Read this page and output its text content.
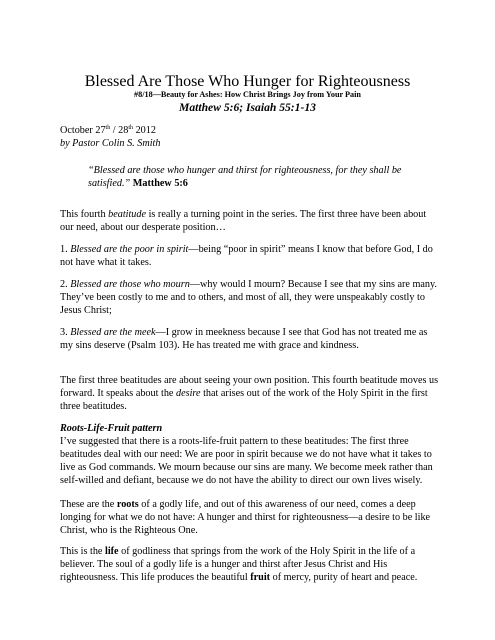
Blessed Are Those Who Hunger for Righteousness
#8/18—Beauty for Ashes: How Christ Brings Joy from Your Pain
Matthew 5:6; Isaiah 55:1-13
October 27th / 28th 2012
by Pastor Colin S. Smith
“Blessed are those who hunger and thirst for righteousness, for they shall be satisfied.” Matthew 5:6
This fourth beatitude is really a turning point in the series. The first three have been about our need, about our desperate position…
1. Blessed are the poor in spirit—being “poor in spirit” means I know that before God, I do not have what it takes.
2. Blessed are those who mourn—why would I mourn? Because I see that my sins are many. They’ve been costly to me and to others, and most of all, they were unspeakably costly to Jesus Christ;
3. Blessed are the meek—I grow in meekness because I see that God has not treated me as my sins deserve (Psalm 103). He has treated me with grace and kindness.
The first three beatitudes are about seeing your own position. This fourth beatitude moves us forward. It speaks about the desire that arises out of the work of the Holy Spirit in the first three beatitudes.

Roots-Life-Fruit pattern

I’ve suggested that there is a roots-life-fruit pattern to these beatitudes: The first three beatitudes deal with our need: We are poor in spirit because we do not have what it takes to live as God commands. We mourn because our sins are many. We become meek rather than self-willed and defiant, because we do not have the ability to direct our own lives wisely.

These are the roots of a godly life, and out of this awareness of our need, comes a deep longing for what we do not have: A hunger and thirst for righteousness—a desire to be like Christ, who is the Righteous One.
This is the life of godliness that springs from the work of the Holy Spirit in the life of a believer. The soul of a godly life is a hunger and thirst after Jesus Christ and His righteousness. This life produces the beautiful fruit of mercy, purity of heart and peace.
